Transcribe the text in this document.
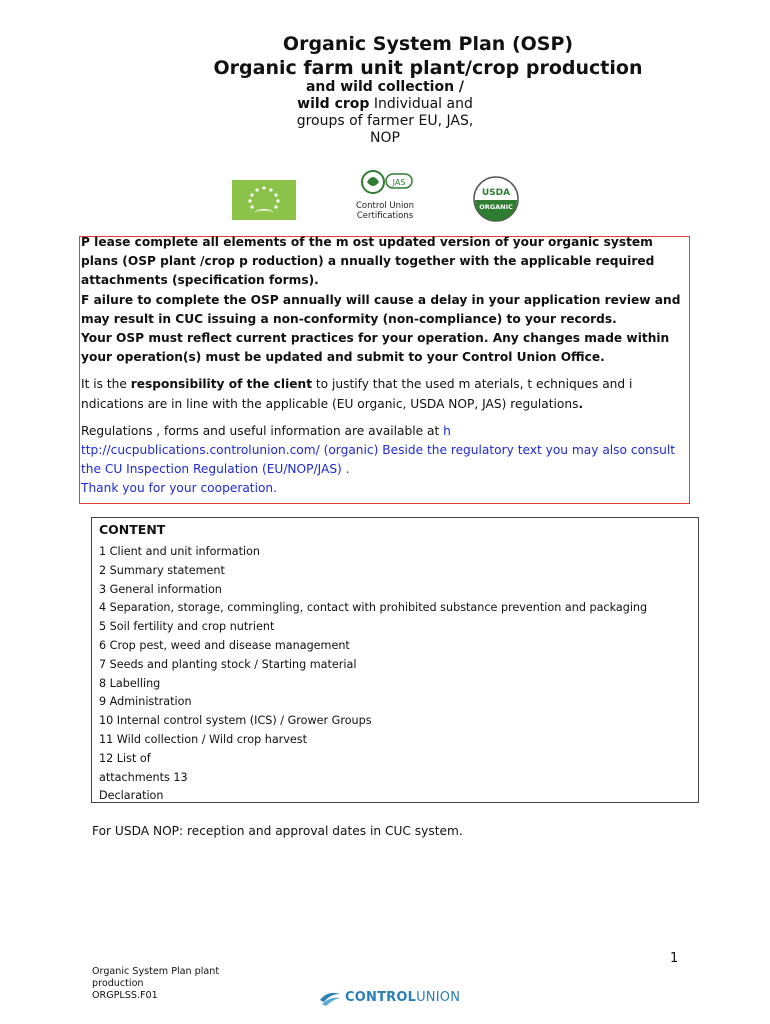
Organic System Plan (OSP)
Organic farm unit plant/crop production
and wild collection /
wild crop Individual and
groups of farmer EU, JAS,
NOP
JAS
Control Union
Certifications
USDA
ORGANIC

P lease complete all elements of the m ost updated version of your organic system plans (OSP plant /crop p roduction) a nnually together with the applicable required attachments (specification forms).

F ailure to complete the OSP annually will cause a delay in your application review and may result in CUC issuing a non-conformity (non-compliance) to your records.

Your OSP must reflect current practices for your operation. Any changes made within your operation(s) must be updated and submit to your Control Union Office.

It is the responsibility of the client to justify that the used m aterials, t echniques and i ndications are in line with the applicable (EU organic, USDA NOP, JAS) regulations.

Regulations , forms and useful information are available at h ttp://cucpublications.controlunion.com/ (organic) Beside the regulatory text you may also consult the CU Inspection Regulation (EU/NOP/JAS) .

Thank you for your cooperation.

CONTENT
1 Client and unit information
2 Summary statement
3 General information
4 Separation, storage, commingling, contact with prohibited substance prevention and packaging
5 Soil fertility and crop nutrient
6 Crop pest, weed and disease management
7 Seeds and planting stock / Starting material
8 Labelling
9 Administration
10 Internal control system (ICS) / Grower Groups
11 Wild collection / Wild crop harvest
12 List of
attachments 13
Declaration
For USDA NOP: reception and approval dates in CUC system.
1
Organic System Plan plant
production
ORGPLSS.F01	CONTROLUNION
